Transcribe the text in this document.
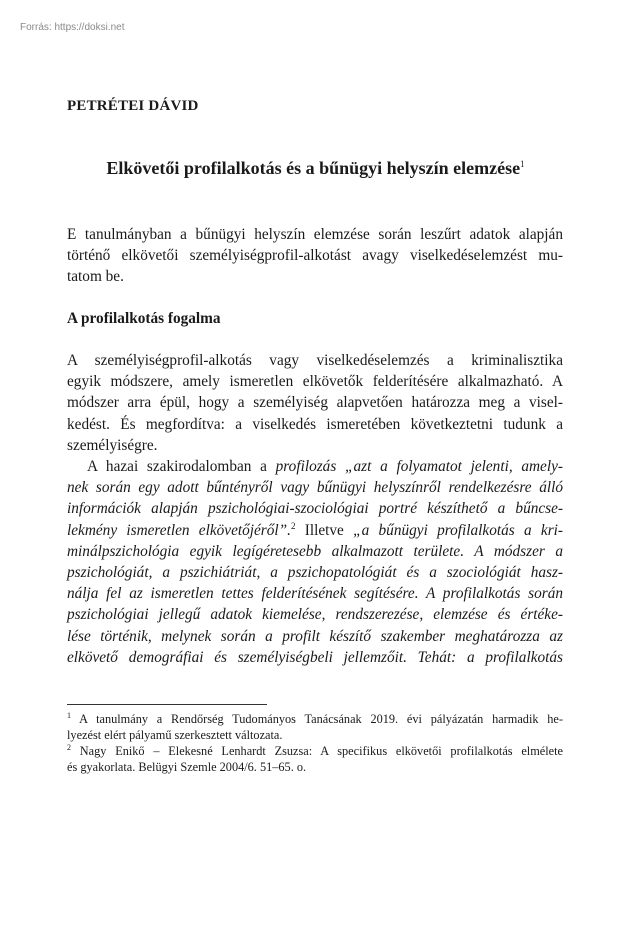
Forrás: https://doksi.net
PETRÉTEI DÁVID
Elkövetői profilalkotás és a bűnügyi helyszín elemzése$^1$
E tanulmányban a bűnügyi helyszín elemzése során leszűrt adatok alapján
történő elkövetői személyiségprofil-alkotást avagy viselkedéselemzést mu-
tatom be.
A profilalkotás fogalma
A személyiségprofil-alkotás vagy viselkedéselemzés a kriminalisztika
egyik módszere, amely ismeretlen elkövetők felderítésére alkalmazható. A
módszer arra épül, hogy a személyiség alapvetően határozza meg a visel-
kedést. És megfordítva: a viselkedés ismeretében következtetni tudunk a
személyiségre.
A hazai szakirodalomban a profilozás „azt a folyamatot jelenti, amely-
nek során egy adott bűntényről vagy bűnügyi helyszínről rendelkezésre álló
információk alapján pszichológiai-szociológiai portré készíthető a bűncse-
lekmény ismeretlen elkövetőjéről”.$^2$ Illetve „a bűnügyi profilalkotás a kri-
minálpszichológia egyik legígéretesebb alkalmazott területe. A módszer a
pszichológiát, a pszichiátriát, a pszichopatológiát és a szociológiát hasz-
nálja fel az ismeretlen tettes felderítésének segítésére. A profilalkotás során
pszichológiai jellegű adatok kiemelése, rendszerezése, elemzése és értéke-
lése történik, melynek során a profilt készítő szakember meghatározza az
elkövető demográfiai és személyiségbeli jellemzőit. Tehát: a profilalkotás
$^1$ A tanulmány a Rendőrség Tudományos Tanácsának 2019. évi pályázatán harmadik he-
lyezést elért pályamű szerkesztett változata.
$^2$ Nagy Enikő – Elekesné Lenhardt Zsuzsa: A specifikus elkövetői profilalkotás elmélete
és gyakorlata. Belügyi Szemle 2004/6. 51–65. o.
